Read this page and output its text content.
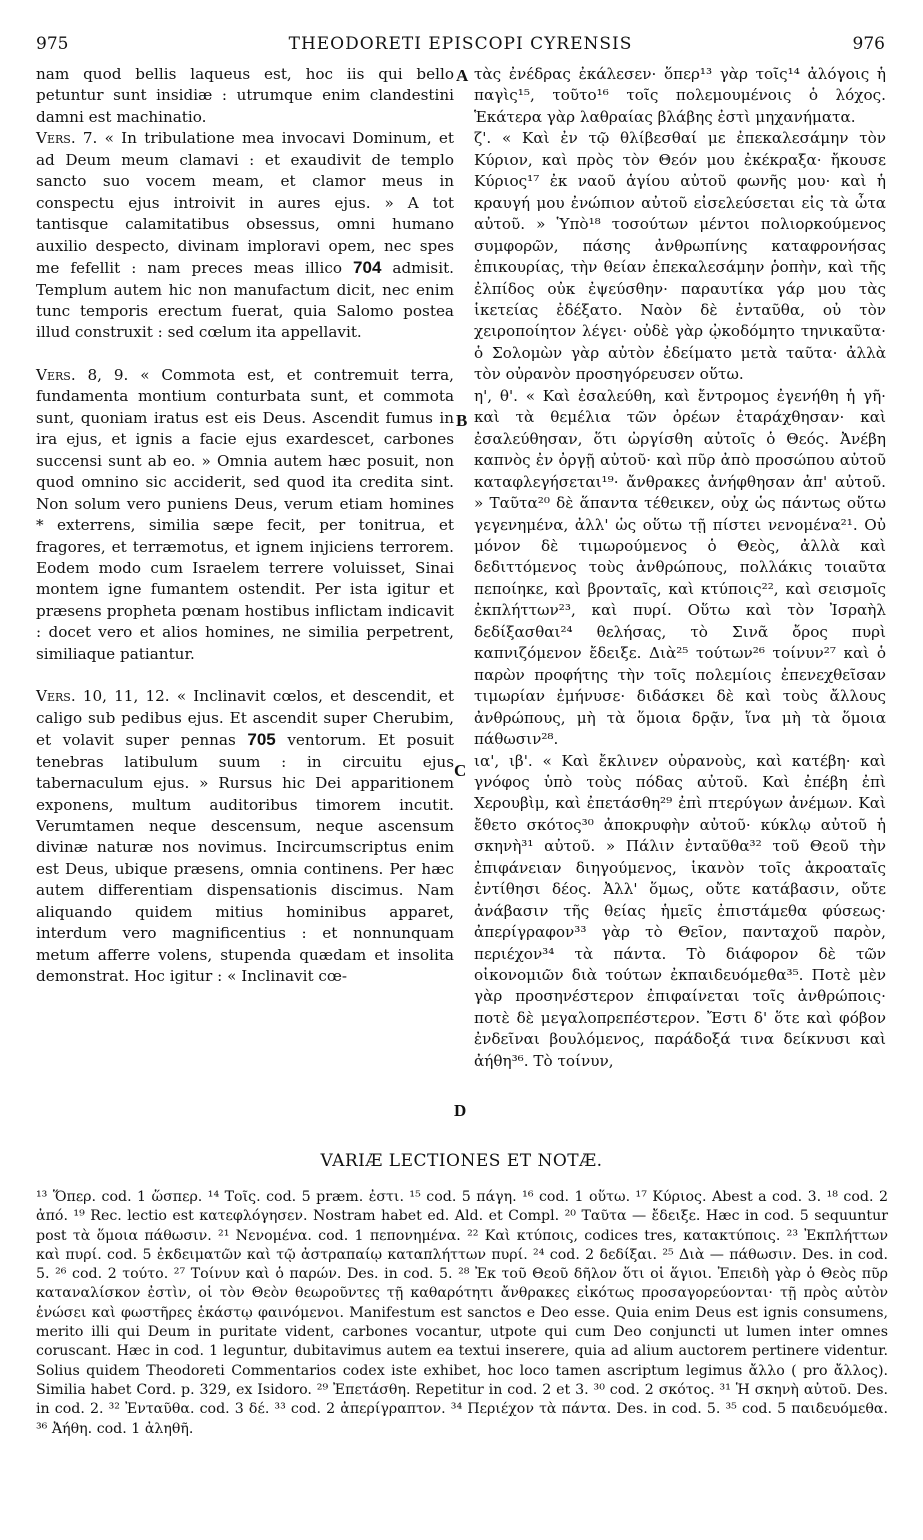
975	THEODORETI EPISCOPI CYRENSIS	976

nam quod bellis laqueus est, hoc iis qui bello petuntur sunt insidiæ : utrumque enim clandestini damni est machinatio.

Vers. 7. « In tribulatione mea invocavi Dominum, et ad Deum meum clamavi : et exaudivit de templo sancto suo vocem meam, et clamor meus in conspectu ejus introivit in aures ejus. » A tot tantisque calamitatibus obsessus, omni humano auxilio despecto, divinam imploravi opem, nec spes me fefellit : nam preces meas illico 704 admisit. Templum autem hic non manufactum dicit, nec enim tunc temporis erectum fuerat, quia Salomo postea illud construxit : sed cœlum ita appellavit.

Vers. 8, 9. « Commota est, et contremuit terra, fundamenta montium conturbata sunt, et commota sunt, quoniam iratus est eis Deus. Ascendit fumus in ira ejus, et ignis a facie ejus exardescet, carbones succensi sunt ab eo. » Omnia autem hæc posuit, non quod omnino sic acciderit, sed quod ita credita sint. Non solum vero puniens Deus, verum etiam homines * exterrens, similia sæpe fecit, per tonitrua, et fragores, et terræmotus, et ignem injiciens terrorem. Eodem modo cum Israelem terrere voluisset, Sinai montem igne fumantem ostendit. Per ista igitur et præsens propheta pœnam hostibus inflictam indicavit : docet vero et alios homines, ne similia perpetrent, similiaque patiantur.

Vers. 10, 11, 12. « Inclinavit cœlos, et descendit, et caligo sub pedibus ejus. Et ascendit super Cherubim, et volavit super pennas 705 ventorum. Et posuit tenebras latibulum suum : in circuitu ejus tabernaculum ejus. » Rursus hic Dei apparitionem exponens, multum auditoribus timorem incutit. Verumtamen neque descensum, neque ascensum divinæ naturæ nos novimus. Incircumscriptus enim est Deus, ubique præsens, omnia continens. Per hæc autem differentiam dispensationis discimus. Nam aliquando quidem mitius hominibus apparet, interdum vero magnificentius : et nonnunquam metum afferre volens, stupenda quædam et insolita demonstrat. Hoc igitur : « Inclinavit cœ-

A
B
C
D

τὰς ἐνέδρας ἐκάλεσεν· ὅπερ¹³ γὰρ τοῖς¹⁴ ἀλόγοις ἡ παγὶς¹⁵, τοῦτο¹⁶ τοῖς πολεμουμένοις ὁ λόχος. Ἑκάτερα γὰρ λαθραίας βλάβης ἐστὶ μηχανήματα.

ζ'. « Καὶ ἐν τῷ θλίβεσθαί με ἐπεκαλεσάμην τὸν Κύριον, καὶ πρὸς τὸν Θεόν μου ἐκέκραξα· ἤκουσε Κύριος¹⁷ ἐκ ναοῦ ἁγίου αὐτοῦ φωνῆς μου· καὶ ἡ κραυγή μου ἐνώπιον αὐτοῦ εἰσελεύσεται εἰς τὰ ὦτα αὐτοῦ. » Ὑπὸ¹⁸ τοσούτων μέντοι πολιορκούμενος συμφορῶν, πάσης ἀνθρωπίνης καταφρονήσας ἐπικουρίας, τὴν θείαν ἐπεκαλεσάμην ῥοπὴν, καὶ τῆς ἐλπίδος οὐκ ἐψεύσθην· παραυτίκα γάρ μου τὰς ἱκετείας ἐδέξατο. Ναὸν δὲ ἐνταῦθα, οὐ τὸν χειροποίητον λέγει· οὐδὲ γὰρ ᾠκοδόμητο τηνικαῦτα· ὁ Σολομὼν γὰρ αὐτὸν ἐδείματο μετὰ ταῦτα· ἀλλὰ τὸν οὐρανὸν προσηγόρευσεν οὕτω.

η', θ'. « Καὶ ἐσαλεύθη, καὶ ἔντρομος ἐγενήθη ἡ γῆ· καὶ τὰ θεμέλια τῶν ὀρέων ἐταράχθησαν· καὶ ἐσαλεύθησαν, ὅτι ὠργίσθη αὐτοῖς ὁ Θεός. Ἀνέβη καπνὸς ἐν ὀργῇ αὐτοῦ· καὶ πῦρ ἀπὸ προσώπου αὐτοῦ καταφλεγήσεται¹⁹· ἄνθρακες ἀνήφθησαν ἀπ' αὐτοῦ. » Ταῦτα²⁰ δὲ ἅπαντα τέθεικεν, οὐχ ὡς πάντως οὕτω γεγενημένα, ἀλλ' ὡς οὕτω τῇ πίστει νενομένα²¹. Οὐ μόνον δὲ τιμωρούμενος ὁ Θεὸς, ἀλλὰ καὶ δεδιττόμενος τοὺς ἀνθρώπους, πολλάκις τοιαῦτα πεποίηκε, καὶ βρονταῖς, καὶ κτύποις²², καὶ σεισμοῖς ἐκπλήττων²³, καὶ πυρί. Οὕτω καὶ τὸν Ἰσραὴλ δεδίξασθαι²⁴ θελήσας, τὸ Σινᾶ ὄρος πυρὶ καπνιζόμενον ἔδειξε. Διὰ²⁵ τούτων²⁶ τοίνυν²⁷ καὶ ὁ παρὼν προφήτης τὴν τοῖς πολεμίοις ἐπενεχθεῖσαν τιμωρίαν ἐμήνυσε· διδάσκει δὲ καὶ τοὺς ἄλλους ἀνθρώπους, μὴ τὰ ὅμοια δρᾷν, ἵνα μὴ τὰ ὅμοια πάθωσιν²⁸.

ια', ιβ'. « Καὶ ἔκλινεν οὐρανοὺς, καὶ κατέβη· καὶ γνόφος ὑπὸ τοὺς πόδας αὐτοῦ. Καὶ ἐπέβη ἐπὶ Χερουβὶμ, καὶ ἐπετάσθη²⁹ ἐπὶ πτερύγων ἀνέμων. Καὶ ἔθετο σκότος³⁰ ἀποκρυφὴν αὐτοῦ· κύκλῳ αὐτοῦ ἡ σκηνὴ³¹ αὐτοῦ. » Πάλιν ἐνταῦθα³² τοῦ Θεοῦ τὴν ἐπιφάνειαν διηγούμενος, ἱκανὸν τοῖς ἀκροαταῖς ἐντίθησι δέος. Ἀλλ' ὅμως, οὔτε κατάβασιν, οὔτε ἀνάβασιν τῆς θείας ἡμεῖς ἐπιστάμεθα φύσεως· ἀπερίγραφον³³ γὰρ τὸ Θεῖον, πανταχοῦ παρὸν, περιέχον³⁴ τὰ πάντα. Τὸ διάφορον δὲ τῶν οἰκονομιῶν διὰ τούτων ἐκπαιδευόμεθα³⁵. Ποτὲ μὲν γὰρ προσηνέστερον ἐπιφαίνεται τοῖς ἀνθρώποις· ποτὲ δὲ μεγαλοπρεπέστερον. Ἔστι δ' ὅτε καὶ φόβον ἐνδεῖναι βουλόμενος, παράδοξά τινα δείκνυσι καὶ ἀήθη³⁶. Τὸ τοίνυν,

VARIÆ LECTIONES ET NOTÆ.

¹³ Ὅπερ. cod. 1 ὥσπερ. ¹⁴ Τοῖς. cod. 5 præm. ἐστι. ¹⁵ cod. 5 πάγη. ¹⁶ cod. 1 οὕτω. ¹⁷ Κύριος. Abest a cod. 3. ¹⁸ cod. 2 ἀπό. ¹⁹ Rec. lectio est κατεφλόγησεν. Nostram habet ed. Ald. et Compl. ²⁰ Ταῦτα — ἔδειξε. Hæc in cod. 5 sequuntur post τὰ ὅμοια πάθωσιν. ²¹ Νενομένα. cod. 1 πεπονημένα. ²² Καὶ κτύποις, codices tres, κατακτύποις. ²³ Ἐκπλήττων καὶ πυρί. cod. 5 ἐκδειματῶν καὶ τῷ ἀστραπαίῳ καταπλήττων πυρί. ²⁴ cod. 2 δεδίξαι. ²⁵ Διὰ — πάθωσιν. Des. in cod. 5. ²⁶ cod. 2 τούτο. ²⁷ Τοίνυν καὶ ὁ παρών. Des. in cod. 5. ²⁸ Ἐκ τοῦ Θεοῦ δῆλον ὅτι οἱ ἅγιοι. Ἐπειδὴ γὰρ ὁ Θεὸς πῦρ καταναλίσκον ἐστὶν, οἱ τὸν Θεὸν θεωροῦντες τῇ καθαρότητι ἄνθρακες εἰκότως προσαγορεύονται· τῇ πρὸς αὐτὸν ἑνώσει καὶ φωστῆρες ἑκάστῳ φαινόμενοι. Manifestum est sanctos e Deo esse. Quia enim Deus est ignis consumens, merito illi qui Deum in puritate vident, carbones vocantur, utpote qui cum Deo conjuncti ut lumen inter omnes coruscant. Hæc in cod. 1 leguntur, dubitavimus autem ea textui inserere, quia ad alium auctorem pertinere videntur. Solius quidem Theodoreti Commentarios codex iste exhibet, hoc loco tamen ascriptum legimus ἄλλο ( pro ἄλλος). Similia habet Cord. p. 329, ex Isidoro. ²⁹ Ἐπετάσθη. Repetitur in cod. 2 et 3. ³⁰ cod. 2 σκότος. ³¹ Ἡ σκηνὴ αὐτοῦ. Des. in cod. 2. ³² Ἐνταῦθα. cod. 3 δέ. ³³ cod. 2 ἀπερίγραπτον. ³⁴ Περιέχον τὰ πάντα. Des. in cod. 5. ³⁵ cod. 5 παιδευόμεθα. ³⁶ Ἀήθη. cod. 1 ἀληθῆ.
